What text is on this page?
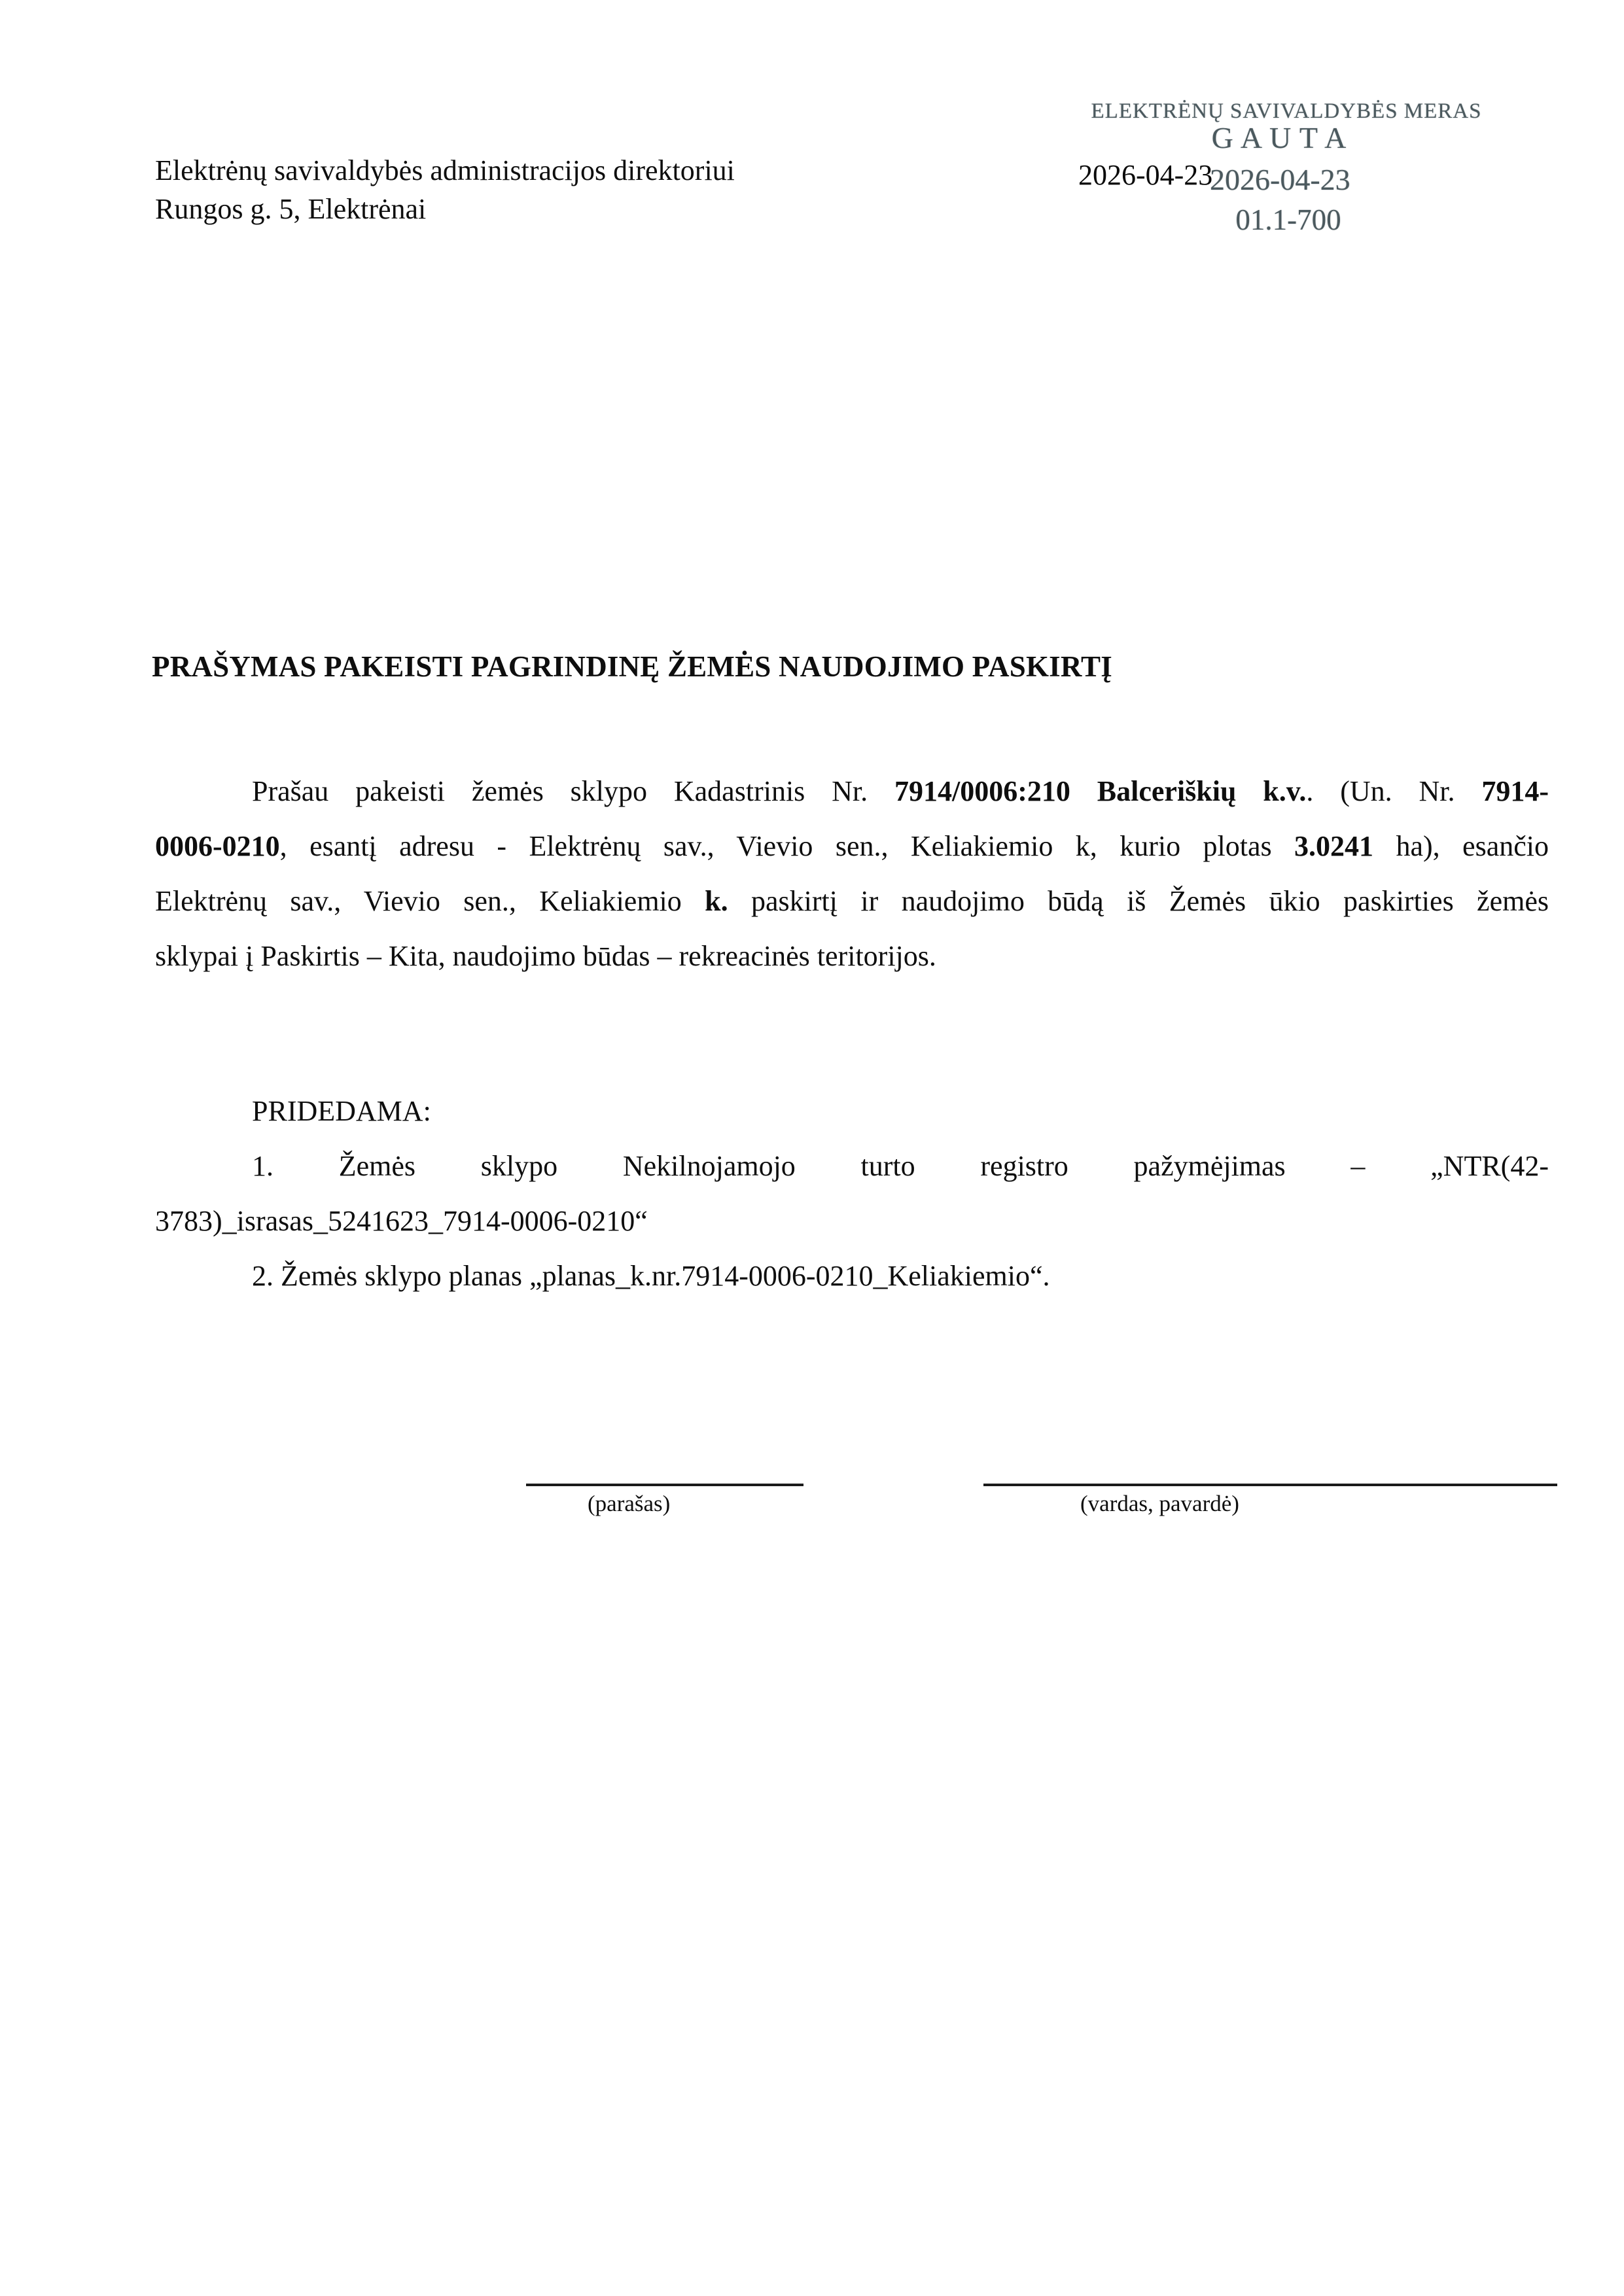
Elektrėnų savivaldybės administracijos direktoriui
Rungos g. 5, Elektrėnai
ELEKTRĖNŲ SAVIVALDYBĖS MERAS
G A U T A
2026-04-23
01.1-700
2026-04-23
PRAŠYMAS PAKEISTI PAGRINDINĘ ŽEMĖS NAUDOJIMO PASKIRTĮ
Prašau pakeisti žemės sklypo Kadastrinis Nr. 7914/0006:210 Balceriškių k.v.. (Un. Nr. 7914-
0006-0210, esantį adresu - Elektrėnų sav., Vievio sen., Keliakiemio k, kurio plotas 3.0241 ha), esančio
Elektrėnų sav., Vievio sen., Keliakiemio k. paskirtį ir naudojimo būdą iš Žemės ūkio paskirties žemės
sklypai į Paskirtis – Kita, naudojimo būdas – rekreacinės teritorijos.
PRIDEDAMA:
1. Žemės sklypo Nekilnojamojo turto registro pažymėjimas – „NTR(42-
3783)_israsas_5241623_7914-0006-0210“
2. Žemės sklypo planas „planas_k.nr.7914-0006-0210_Keliakiemio“.
(parašas)	(vardas, pavardė)
